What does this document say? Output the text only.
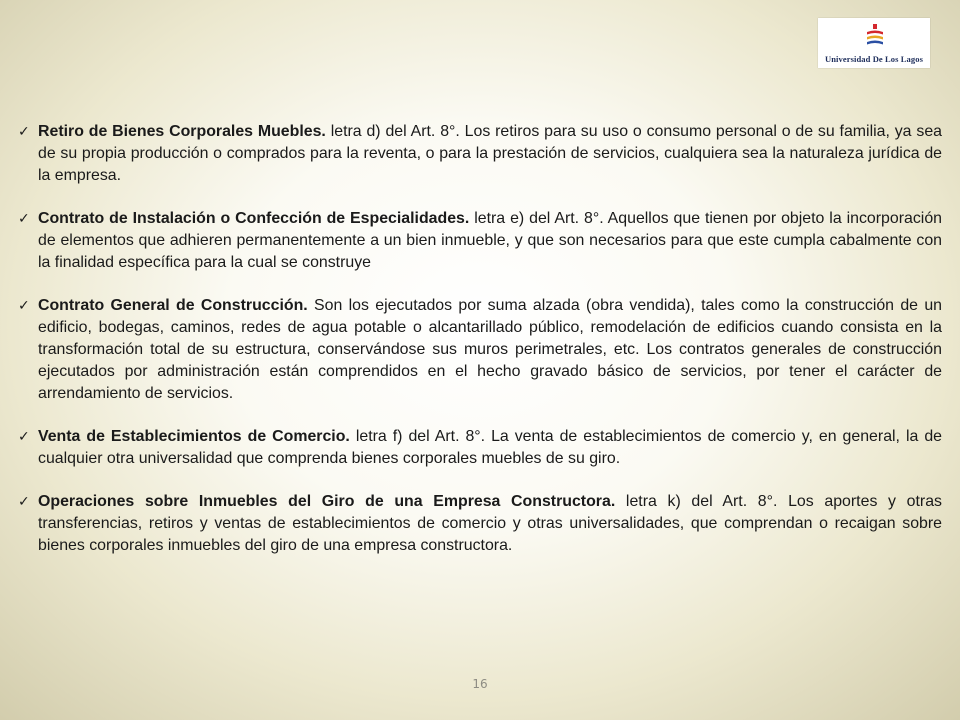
Universidad De Los Lagos
✓ Retiro de Bienes Corporales Muebles. letra d) del Art. 8°. Los retiros para su uso o consumo personal o de su familia, ya sea de su propia producción o comprados para la reventa, o para la prestación de servicios, cualquiera sea la naturaleza jurídica de la empresa.
✓ Contrato de Instalación o Confección de Especialidades. letra e) del Art. 8°. Aquellos que tienen por objeto la incorporación de elementos que adhieren permanentemente a un bien inmueble, y que son necesarios para que este cumpla cabalmente con la finalidad específica para la cual se construye
✓ Contrato General de Construcción. Son los ejecutados por suma alzada (obra vendida), tales como la construcción de un edificio, bodegas, caminos, redes de agua potable o alcantarillado público, remodelación de edificios cuando consista en la transformación total de su estructura, conservándose sus muros perimetrales, etc. Los contratos generales de construcción ejecutados por administración están comprendidos en el hecho gravado básico de servicios, por tener el carácter de arrendamiento de servicios.
✓ Venta de Establecimientos de Comercio. letra f) del Art. 8°. La venta de establecimientos de comercio y, en general, la de cualquier otra universalidad que comprenda bienes corporales muebles de su giro.
✓ Operaciones sobre Inmuebles del Giro de una Empresa Constructora. letra k) del Art. 8°. Los aportes y otras transferencias, retiros y ventas de establecimientos de comercio y otras universalidades, que comprendan o recaigan sobre bienes corporales inmuebles del giro de una empresa constructora.
16
